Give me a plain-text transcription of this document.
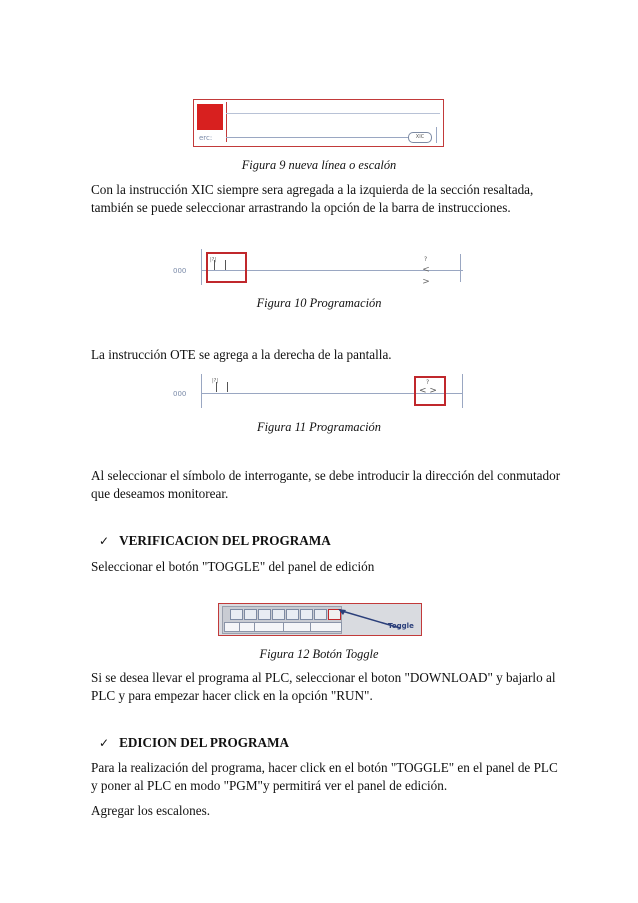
erc:	XIC

Figura 9 nueva línea o escalón

Con la instrucción XIC siempre sera agregada a la izquierda de la sección resaltada, también se puede seleccionar arrastrando la opción de la barra de instrucciones.

000
|?|
< >
?

Figura 10 Programación

La instrucción OTE se agrega a la derecha de la pantalla.

000
|?|
< >
?

Figura 11 Programación

Al seleccionar el símbolo de interrogante, se debe introducir la dirección del conmutador que deseamos monitorear.

✓ VERIFICACION DEL PROGRAMA

Seleccionar el botón "TOGGLE" del panel de edición

Toggle

Figura 12 Botón Toggle

Si se desea llevar el programa al PLC, seleccionar el boton "DOWNLOAD" y bajarlo al PLC y para empezar hacer click en la opción "RUN".

✓ EDICION DEL PROGRAMA

Para la realización del programa, hacer click en el botón "TOGGLE" en el panel de PLC y poner al PLC en modo "PGM"y permitirá ver el panel de edición.

Agregar los escalones.
